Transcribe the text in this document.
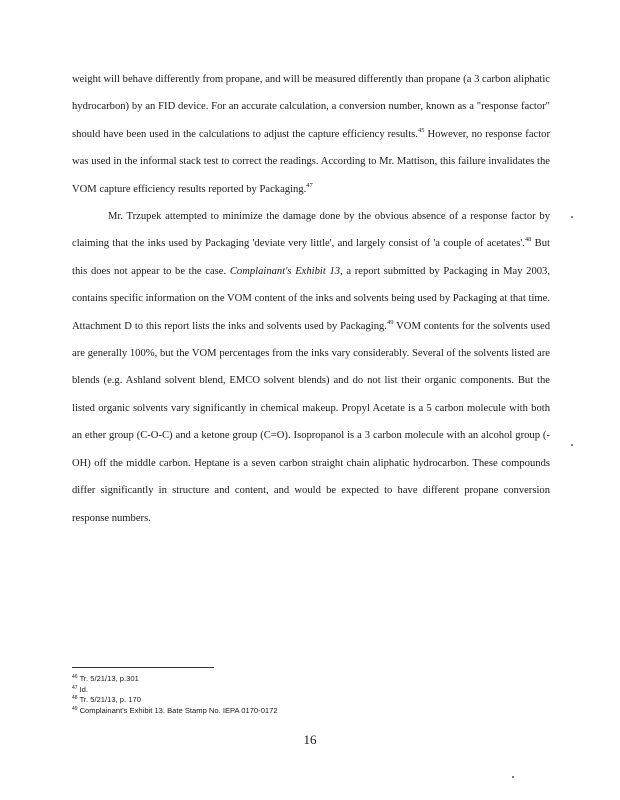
weight will behave differently from propane, and will be measured differently than propane (a 3 carbon aliphatic hydrocarbon) by an FID device. For an accurate calculation, a conversion number, known as a "response factor" should have been used in the calculations to adjust the capture efficiency results.$^{45}$ However, no response factor was used in the informal stack test to correct the readings. According to Mr. Mattison, this failure invalidates the VOM capture efficiency results reported by Packaging.$^{47}$

Mr. Trzupek attempted to minimize the damage done by the obvious absence of a response factor by claiming that the inks used by Packaging 'deviate very little', and largely consist of 'a couple of acetates'.$^{48}$ But this does not appear to be the case. Complainant's Exhibit 13, a report submitted by Packaging in May 2003, contains specific information on the VOM content of the inks and solvents being used by Packaging at that time. Attachment D to this report lists the inks and solvents used by Packaging.$^{49}$ VOM contents for the solvents used are generally 100%, but the VOM percentages from the inks vary considerably. Several of the solvents listed are blends (e.g. Ashland solvent blend, EMCO solvent blends) and do not list their organic components. But the listed organic solvents vary significantly in chemical makeup. Propyl Acetate is a 5 carbon molecule with both an ether group (C-O-C) and a ketone group (C=O). Isopropanol is a 3 carbon molecule with an alcohol group (-OH) off the middle carbon. Heptane is a seven carbon straight chain aliphatic hydrocarbon. These compounds differ significantly in structure and content, and would be expected to have different propane conversion response numbers.

$^{46}$ Tr. 5/21/13, p.301
$^{47}$ Id.
$^{48}$ Tr. 5/21/13, p. 170
$^{49}$ Complainant's Exhibit 13. Bate Stamp No. IEPA 0170-0172
16
